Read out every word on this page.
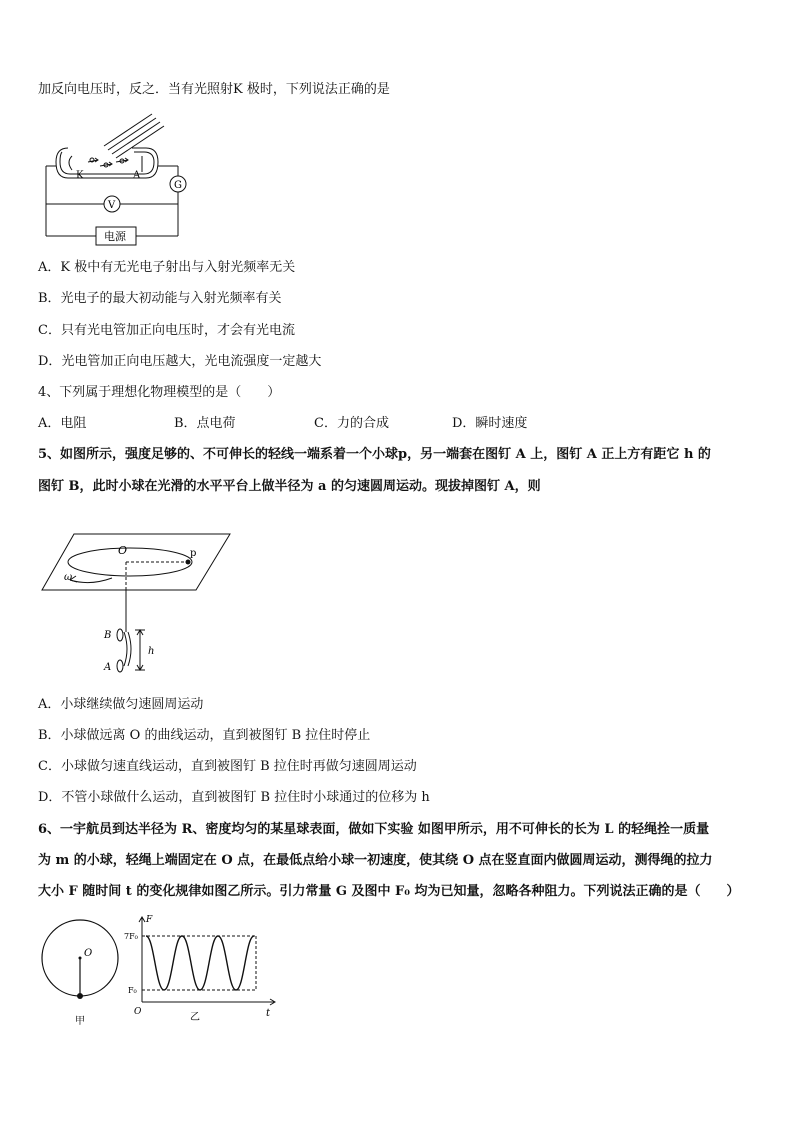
加反向电压时，反之．当有光照射K 极时，下列说法正确的是
K	A
G
V
电源
A．K 极中有无光电子射出与入射光频率无关
B．光电子的最大初动能与入射光频率有关
C．只有光电管加正向电压时，才会有光电流
D．光电管加正向电压越大，光电流强度一定越大
4、下列属于理想化物理模型的是（　　）
A．电阻	B．点电荷	C．力的合成	D．瞬时速度
5、如图所示，强度足够的、不可伸长的轻线一端系着一个小球p，另一端套在图钉 A 上，图钉 A 正上方有距它 h 的
图钉 B，此时小球在光滑的水平平台上做半径为 a 的匀速圆周运动。现拔掉图钉 A，则
O	p
ω
B
A
h
A．小球继续做匀速圆周运动
B．小球做远离 O 的曲线运动，直到被图钉 B 拉住时停止
C．小球做匀速直线运动，直到被图钉 B 拉住时再做匀速圆周运动
D．不管小球做什么运动，直到被图钉 B 拉住时小球通过的位移为 h
6、一宇航员到达半径为 R、密度均匀的某星球表面，做如下实验 如图甲所示，用不可伸长的长为 L 的轻绳拴一质量
为 m 的小球，轻绳上端固定在 O 点，在最低点给小球一初速度，使其绕 O 点在竖直面内做圆周运动，测得绳的拉力
大小 F 随时间 t 的变化规律如图乙所示。引力常量 G 及图中 F₀ 均为已知量，忽略各种阻力。下列说法正确的是（　　）
O
甲
F
t
O
7F₀
F₀
乙
